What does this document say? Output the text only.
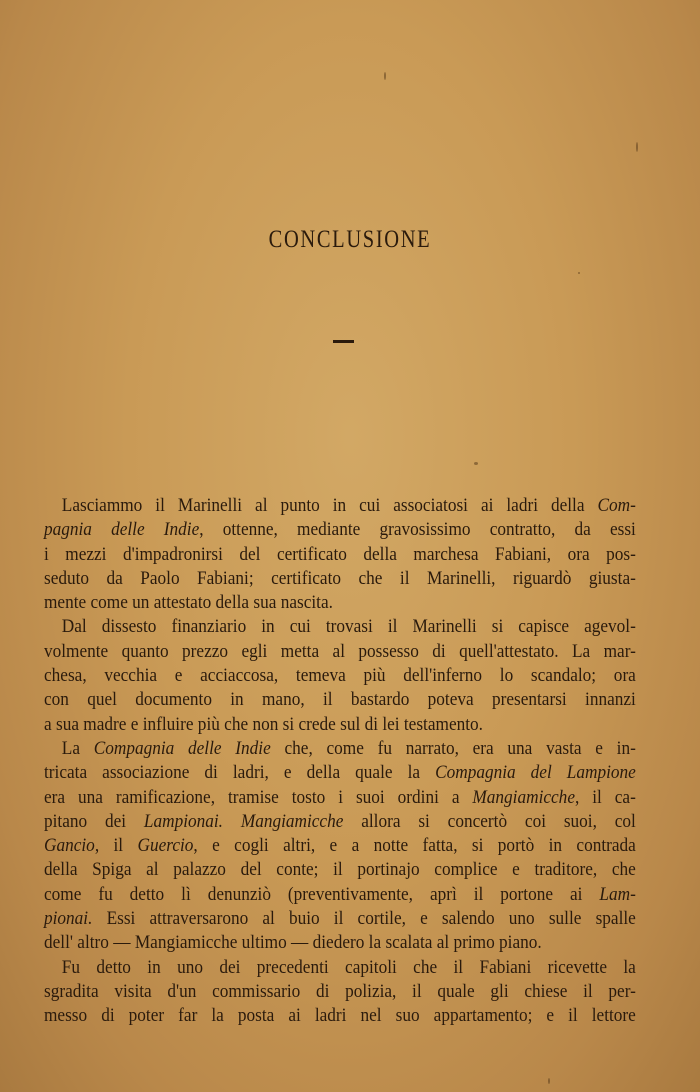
CONCLUSIONE
Lasciammo il Marinelli al punto in cui associatosi ai ladri della Com-
pagnia delle Indie, ottenne, mediante gravosissimo contratto, da essi
i mezzi d'impadronirsi del certificato della marchesa Fabiani, ora pos-
seduto da Paolo Fabiani; certificato che il Marinelli, riguardò giusta-
mente come un attestato della sua nascita.
Dal dissesto finanziario in cui trovasi il Marinelli si capisce agevol-
volmente quanto prezzo egli metta al possesso di quell'attestato. La mar-
chesa, vecchia e acciaccosa, temeva più dell'inferno lo scandalo; ora
con quel documento in mano, il bastardo poteva presentarsi innanzi
a sua madre e influire più che non si crede sul di lei testamento.
La Compagnia delle Indie che, come fu narrato, era una vasta e in-
tricata associazione di ladri, e della quale la Compagnia del Lampione
era una ramificazione, tramise tosto i suoi ordini a Mangiamicche, il ca-
pitano dei Lampionai. Mangiamicche allora si concertò coi suoi, col
Gancio, il Guercio, e cogli altri, e a notte fatta, si portò in contrada
della Spiga al palazzo del conte; il portinajo complice e traditore, che
come fu detto lì denunziò (preventivamente, aprì il portone ai Lam-
pionai. Essi attraversarono al buio il cortile, e salendo uno sulle spalle
dell' altro — Mangiamicche ultimo — diedero la scalata al primo piano.
Fu detto in uno dei precedenti capitoli che il Fabiani ricevette la
sgradita visita d'un commissario di polizia, il quale gli chiese il per-
messo di poter far la posta ai ladri nel suo appartamento; e il lettore
